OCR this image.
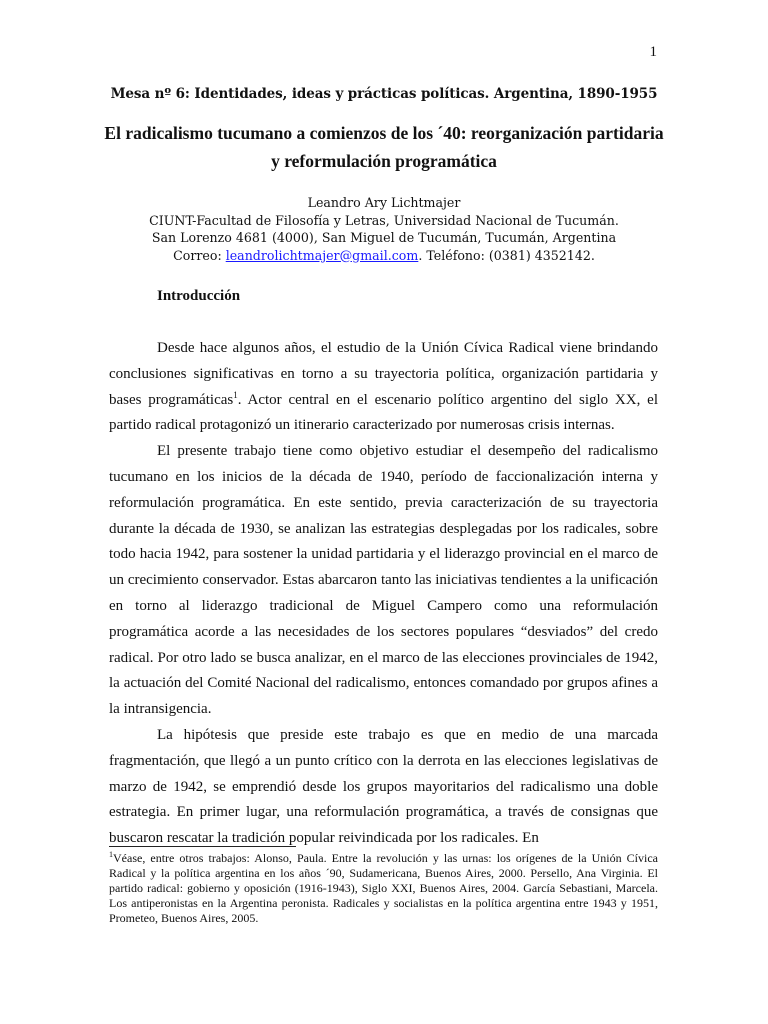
1
Mesa nº 6: Identidades, ideas y prácticas políticas. Argentina, 1890-1955
El radicalismo tucumano a comienzos de los ´40: reorganización partidaria y reformulación programática
Leandro Ary Lichtmajer
CIUNT-Facultad de Filosofía y Letras, Universidad Nacional de Tucumán.
San Lorenzo 4681 (4000), San Miguel de Tucumán, Tucumán, Argentina
Correo: leandrolichtmajer@gmail.com. Teléfono: (0381) 4352142.
Introducción

Desde hace algunos años, el estudio de la Unión Cívica Radical viene brindando conclusiones significativas en torno a su trayectoria política, organización partidaria y bases programáticas$^1$. Actor central en el escenario político argentino del siglo XX, el partido radical protagonizó un itinerario caracterizado por numerosas crisis internas.

El presente trabajo tiene como objetivo estudiar el desempeño del radicalismo tucumano en los inicios de la década de 1940, período de faccionalización interna y reformulación programática. En este sentido, previa caracterización de su trayectoria durante la década de 1930, se analizan las estrategias desplegadas por los radicales, sobre todo hacia 1942, para sostener la unidad partidaria y el liderazgo provincial en el marco de un crecimiento conservador. Estas abarcaron tanto las iniciativas tendientes a la unificación en torno al liderazgo tradicional de Miguel Campero como una reformulación programática acorde a las necesidades de los sectores populares “desviados” del credo radical. Por otro lado se busca analizar, en el marco de las elecciones provinciales de 1942, la actuación del Comité Nacional del radicalismo, entonces comandado por grupos afines a la intransigencia.

La hipótesis que preside este trabajo es que en medio de una marcada fragmentación, que llegó a un punto crítico con la derrota en las elecciones legislativas de marzo de 1942, se emprendió desde los grupos mayoritarios del radicalismo una doble estrategia. En primer lugar, una reformulación programática, a través de consignas que buscaron rescatar la tradición popular reivindicada por los radicales. En

$^1$Véase, entre otros trabajos: Alonso, Paula. Entre la revolución y las urnas: los orígenes de la Unión Cívica Radical y la política argentina en los años ´90, Sudamericana, Buenos Aires, 2000. Persello, Ana Virginia. El partido radical: gobierno y oposición (1916-1943), Siglo XXI, Buenos Aires, 2004. García Sebastiani, Marcela. Los antiperonistas en la Argentina peronista. Radicales y socialistas en la política argentina entre 1943 y 1951, Prometeo, Buenos Aires, 2005.
